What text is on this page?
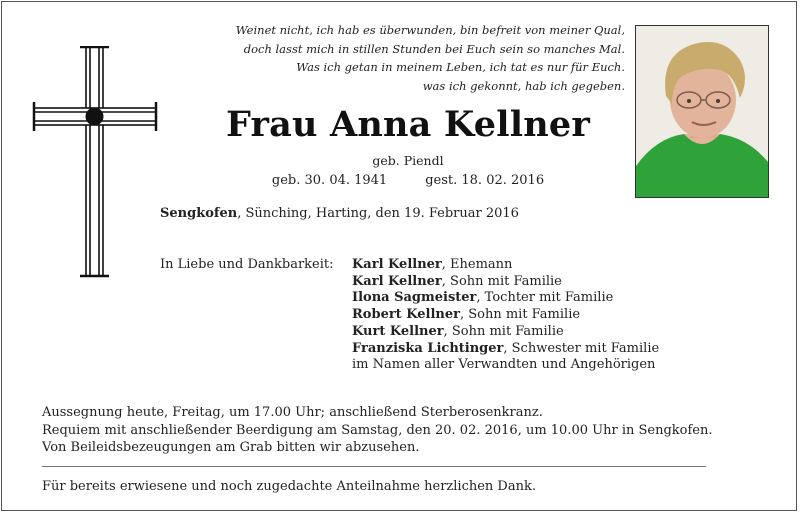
Weinet nicht, ich hab es überwunden, bin befreit von meiner Qual,
doch lasst mich in stillen Stunden bei Euch sein so manches Mal.
Was ich getan in meinem Leben, ich tat es nur für Euch.
was ich gekonnt, hab ich gegeben.
Frau Anna Kellner
geb. Piendl
geb. 30. 04. 1941	gest. 18. 02. 2016
Sengkofen, Sünching, Harting, den 19. Februar 2016
In Liebe und Dankbarkeit: Karl Kellner, Ehemann
Karl Kellner, Sohn mit Familie
Ilona Sagmeister, Tochter mit Familie
Robert Kellner, Sohn mit Familie
Kurt Kellner, Sohn mit Familie
Franziska Lichtinger, Schwester mit Familie
im Namen aller Verwandten und Angehörigen
Aussegnung heute, Freitag, um 17.00 Uhr; anschließend Sterberosenkranz.
Requiem mit anschließender Beerdigung am Samstag, den 20. 02. 2016, um 10.00 Uhr in Sengkofen.
Von Beileidsbezeugungen am Grab bitten wir abzusehen.
Für bereits erwiesene und noch zugedachte Anteilnahme herzlichen Dank.
